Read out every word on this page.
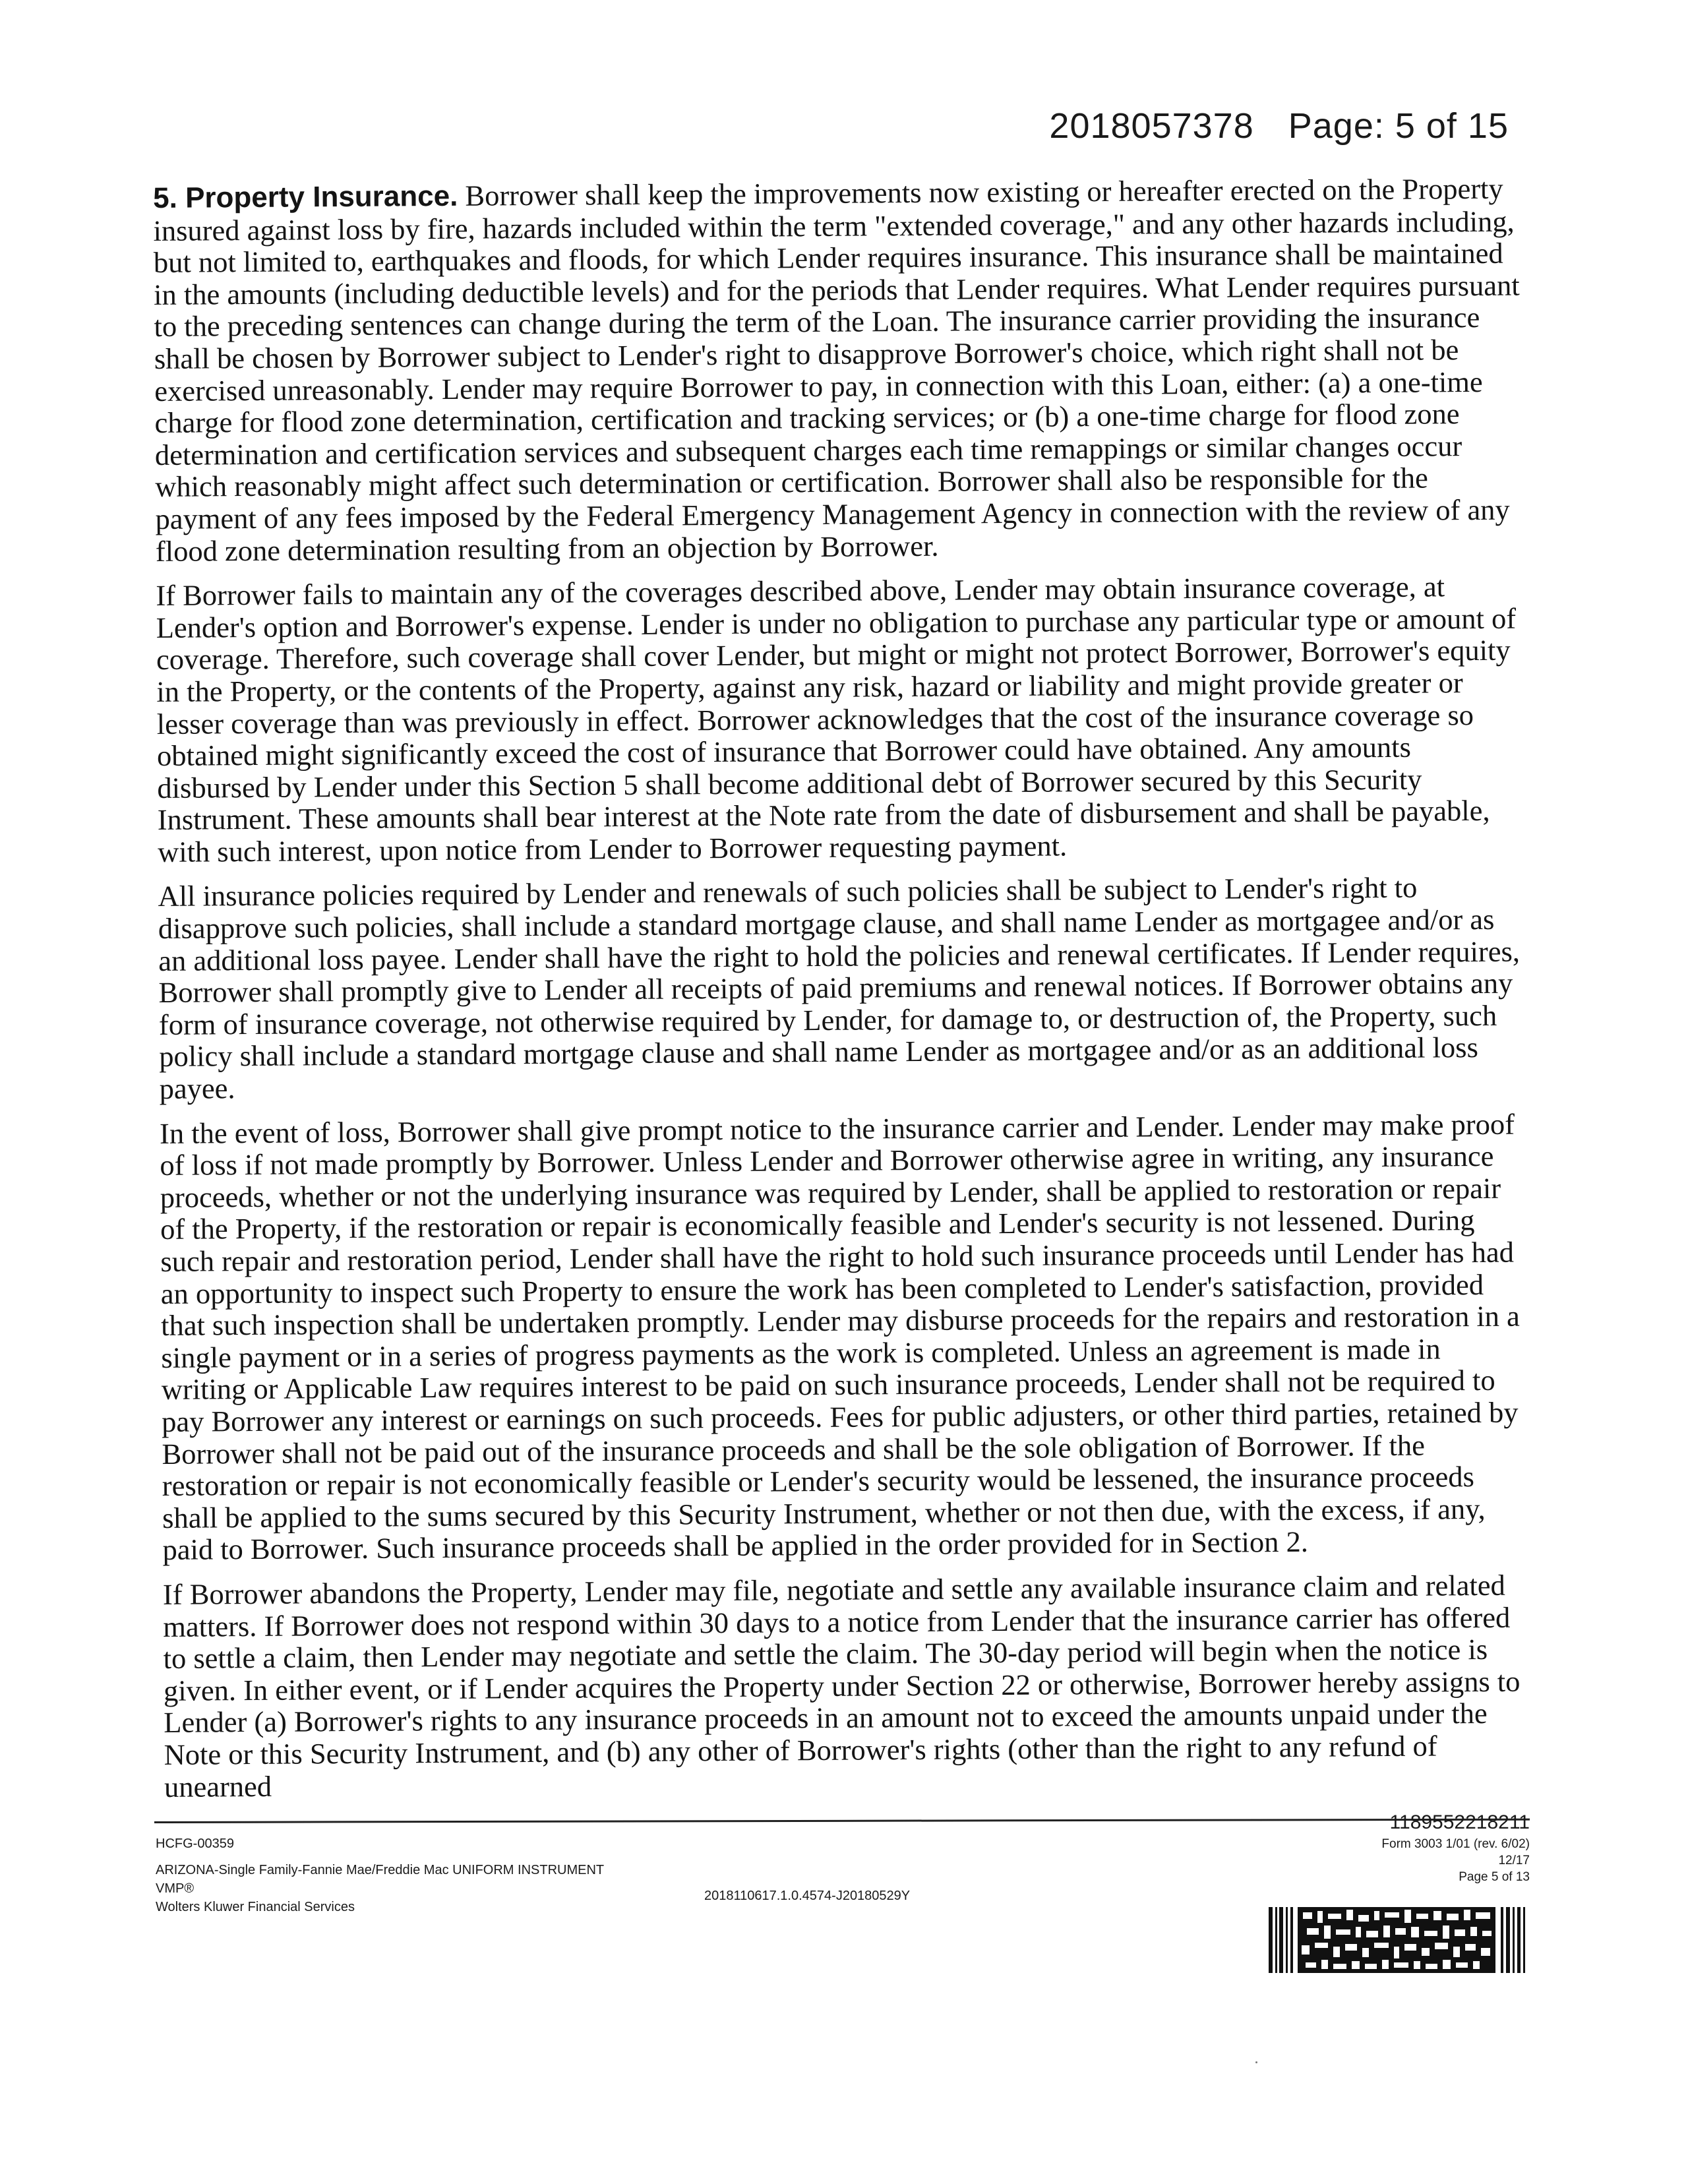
2018057378 Page: 5 of 15

5. Property Insurance. Borrower shall keep the improvements now existing or hereafter erected on the Property insured against loss by fire, hazards included within the term "extended coverage," and any other hazards including, but not limited to, earthquakes and floods, for which Lender requires insurance. This insurance shall be maintained in the amounts (including deductible levels) and for the periods that Lender requires. What Lender requires pursuant to the preceding sentences can change during the term of the Loan. The insurance carrier providing the insurance shall be chosen by Borrower subject to Lender's right to disapprove Borrower's choice, which right shall not be exercised unreasonably. Lender may require Borrower to pay, in connection with this Loan, either: (a) a one-time charge for flood zone determination, certification and tracking services; or (b) a one-time charge for flood zone determination and certification services and subsequent charges each time remappings or similar changes occur which reasonably might affect such determination or certification. Borrower shall also be responsible for the payment of any fees imposed by the Federal Emergency Management Agency in connection with the review of any flood zone determination resulting from an objection by Borrower.

If Borrower fails to maintain any of the coverages described above, Lender may obtain insurance coverage, at Lender's option and Borrower's expense. Lender is under no obligation to purchase any particular type or amount of coverage. Therefore, such coverage shall cover Lender, but might or might not protect Borrower, Borrower's equity in the Property, or the contents of the Property, against any risk, hazard or liability and might provide greater or lesser coverage than was previously in effect. Borrower acknowledges that the cost of the insurance coverage so obtained might significantly exceed the cost of insurance that Borrower could have obtained. Any amounts disbursed by Lender under this Section 5 shall become additional debt of Borrower secured by this Security Instrument. These amounts shall bear interest at the Note rate from the date of disbursement and shall be payable, with such interest, upon notice from Lender to Borrower requesting payment.

All insurance policies required by Lender and renewals of such policies shall be subject to Lender's right to disapprove such policies, shall include a standard mortgage clause, and shall name Lender as mortgagee and/or as an additional loss payee. Lender shall have the right to hold the policies and renewal certificates. If Lender requires, Borrower shall promptly give to Lender all receipts of paid premiums and renewal notices. If Borrower obtains any form of insurance coverage, not otherwise required by Lender, for damage to, or destruction of, the Property, such policy shall include a standard mortgage clause and shall name Lender as mortgagee and/or as an additional loss payee.

In the event of loss, Borrower shall give prompt notice to the insurance carrier and Lender. Lender may make proof of loss if not made promptly by Borrower. Unless Lender and Borrower otherwise agree in writing, any insurance proceeds, whether or not the underlying insurance was required by Lender, shall be applied to restoration or repair of the Property, if the restoration or repair is economically feasible and Lender's security is not lessened. During such repair and restoration period, Lender shall have the right to hold such insurance proceeds until Lender has had an opportunity to inspect such Property to ensure the work has been completed to Lender's satisfaction, provided that such inspection shall be undertaken promptly. Lender may disburse proceeds for the repairs and restoration in a single payment or in a series of progress payments as the work is completed. Unless an agreement is made in writing or Applicable Law requires interest to be paid on such insurance proceeds, Lender shall not be required to pay Borrower any interest or earnings on such proceeds. Fees for public adjusters, or other third parties, retained by Borrower shall not be paid out of the insurance proceeds and shall be the sole obligation of Borrower. If the restoration or repair is not economically feasible or Lender's security would be lessened, the insurance proceeds shall be applied to the sums secured by this Security Instrument, whether or not then due, with the excess, if any, paid to Borrower. Such insurance proceeds shall be applied in the order provided for in Section 2.

If Borrower abandons the Property, Lender may file, negotiate and settle any available insurance claim and related matters. If Borrower does not respond within 30 days to a notice from Lender that the insurance carrier has offered to settle a claim, then Lender may negotiate and settle the claim. The 30-day period will begin when the notice is given. In either event, or if Lender acquires the Property under Section 22 or otherwise, Borrower hereby assigns to Lender (a) Borrower's rights to any insurance proceeds in an amount not to exceed the amounts unpaid under the Note or this Security Instrument, and (b) any other of Borrower's rights (other than the right to any refund of unearned

HCFG-00359
ARIZONA-Single Family-Fannie Mae/Freddie Mac UNIFORM INSTRUMENT
VMP®
Wolters Kluwer Financial Services
2018110617.1.0.4574-J20180529Y
1189552218211
Form 3003 1/01 (rev. 6/02)
12/17
Page 5 of 13
